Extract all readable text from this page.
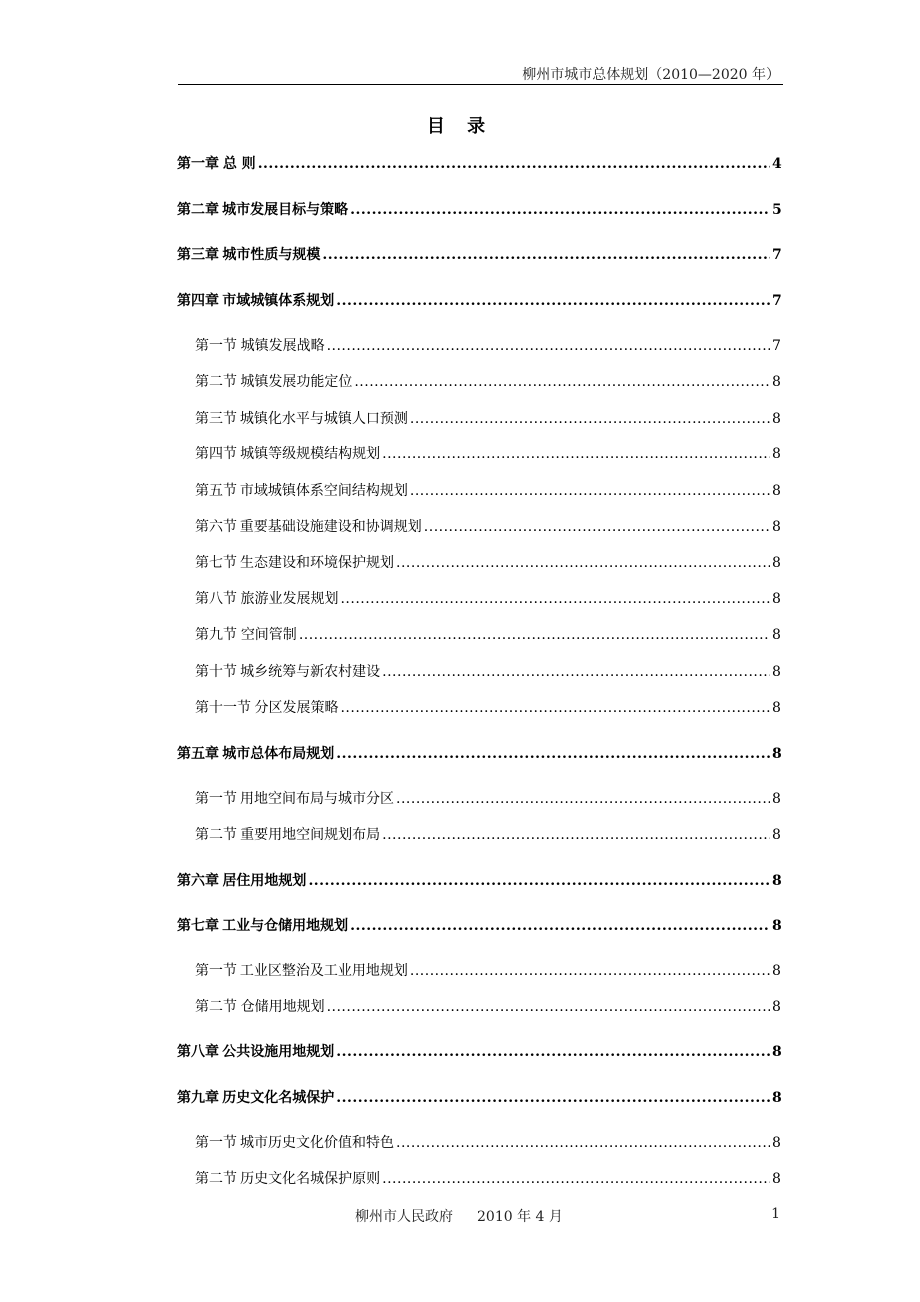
柳州市城市总体规划（2010—2020 年）
目 录
第一章 总 则 .....	4
第二章 城市发展目标与策略 .....	5
第三章 城市性质与规模 .....	7
第四章 市域城镇体系规划 .....	7
第一节 城镇发展战略 .....	7
第二节 城镇发展功能定位 .....	8
第三节 城镇化水平与城镇人口预测 .....	8
第四节 城镇等级规模结构规划 .....	8
第五节 市域城镇体系空间结构规划 .....	8
第六节 重要基础设施建设和协调规划 .....	8
第七节 生态建设和环境保护规划 .....	8
第八节 旅游业发展规划 .....	8
第九节 空间管制 .....	8
第十节 城乡统筹与新农村建设 .....	8
第十一节 分区发展策略 .....	8
第五章 城市总体布局规划 .....	8
第一节 用地空间布局与城市分区 .....	8
第二节 重要用地空间规划布局 .....	8
第六章 居住用地规划 .....	8
第七章 工业与仓储用地规划 .....	8
第一节 工业区整治及工业用地规划 .....	8
第二节 仓储用地规划 .....	8
第八章 公共设施用地规划 .....	8
第九章 历史文化名城保护 .....	8
第一节 城市历史文化价值和特色 .....	8
第二节 历史文化名城保护原则 .....	8
柳州市人民政府 2010 年 4 月	1
